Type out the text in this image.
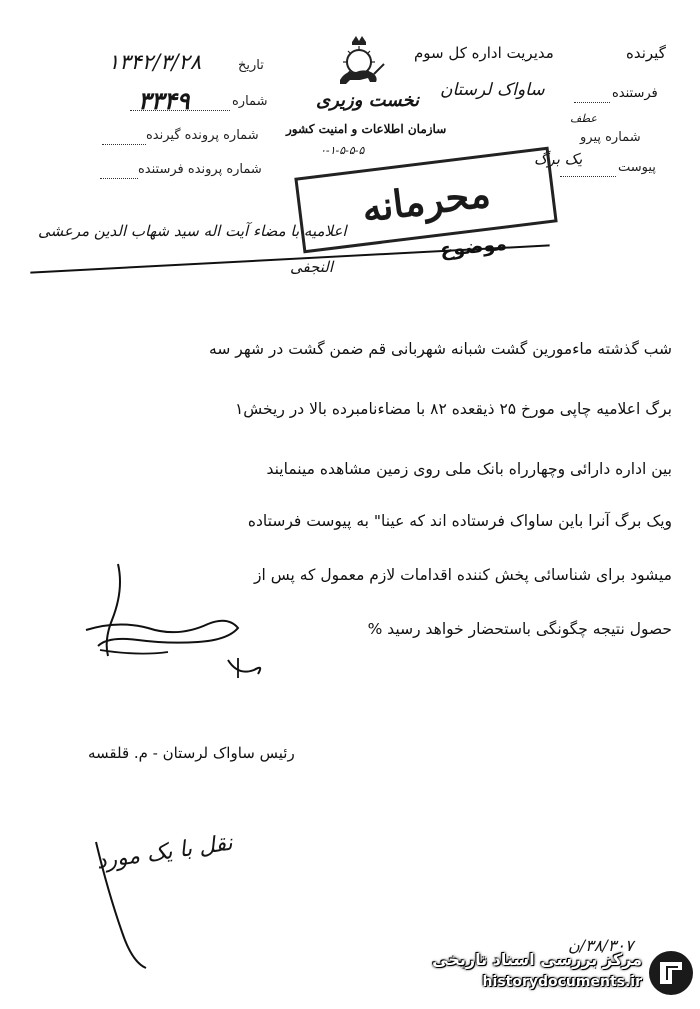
تاریخ
۱۳۴۲/۳/۲۸
شماره
۳۳۴۹
شماره پرونده گیرنده
شماره پرونده فرستنده
نخست وزیری
سازمان اطلاعات و امنیت کشور
۰-۱-۵-۵-۵
گیرنده
مدیریت اداره کل سوم
فرستنده
ساواک لرستان
عطف
شماره پیرو
پیوست
یک برگ
محرمانه
موضوع
اعلامیه با مضاء آیت اله سید شهاب الدین مرعشی
النجفی
شب گذشته ماءمورین گشت شبانه شهربانی قم ضمن گشت در شهر سه
برگ اعلامیه چاپی مورخ ۲۵ ذیقعده ۸۲ با مضاءنامبرده بالا در ریخش۱
بین اداره دارائی وچهارراه بانک ملی روی زمین مشاهده مینمایند
ویک برگ آنرا باین ساواک فرستاده اند که عینا" به پیوست فرستاده
میشود برای شناسائی پخش کننده اقدامات لازم معمول که پس از
حصول نتیجه چگونگی باستحضار خواهد رسید %
رئیس ساواک لرستان - م. قلقسه
نقل با یک مورد
۳۸/۳۰۷/ن
مرکز بررسی اسناد تاریخی
historydocuments.ir
